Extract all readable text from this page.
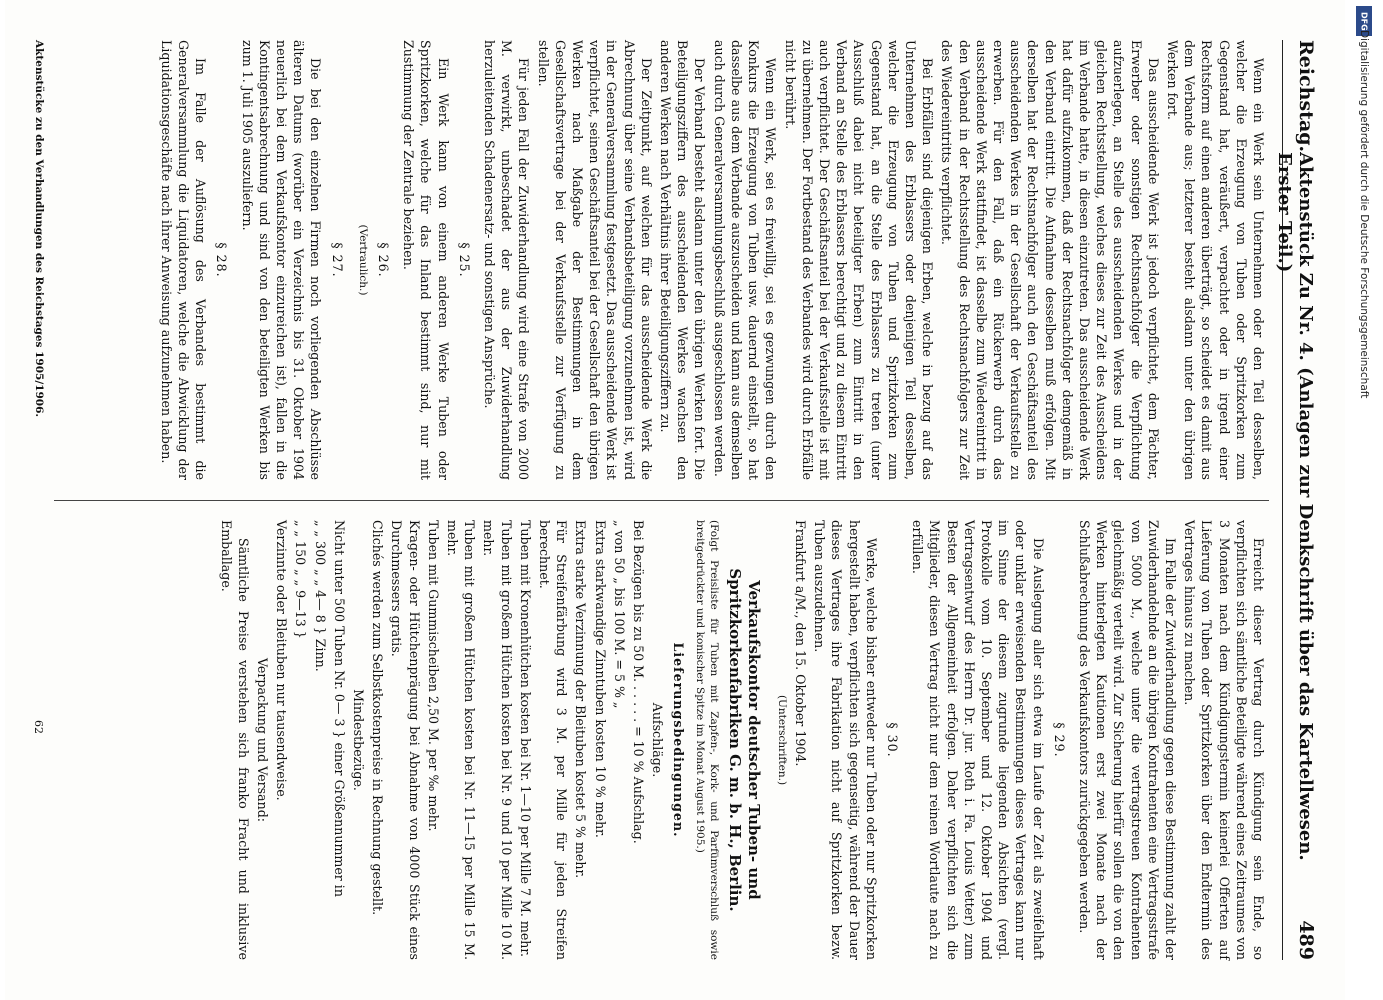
Reichstag.
Aktenstück Zu Nr. 4. (Anlagen zur Denkschrift über das Kartellwesen. Erster Teil.)
489

Wenn ein Werk sein Unternehmen oder den Teil desselben, welcher die Erzeugung von Tuben oder Spritzkorken zum Gegenstand hat, veräußert, verpachtet oder in irgend einer Rechtsform auf einen anderen überträgt, so scheidet es damit aus dem Verbande aus; letzterer besteht alsdann unter den übrigen Werken fort.

Das ausscheidende Werk ist jedoch verpflichtet, dem Pächter, Erwerber oder sonstigen Rechtsnachfolger die Verpflichtung aufzuerlegen, an Stelle des ausscheidenden Werkes und in der gleichen Rechtsstellung, welches dieses zur Zeit des Ausscheidens im Verbande hatte, in diesen einzutreten. Das ausscheidende Werk hat dafür aufzukommen, daß der Rechtsnachfolger demgemäß in den Verband eintritt. Die Aufnahme desselben muß erfolgen. Mit derselben hat der Rechtsnachfolger auch den Geschäftsanteil des ausscheidenden Werkes in der Gesellschaft der Verkaufsstelle zu erwerben. Für den Fall, daß ein Rückerwerb durch das ausscheidende Werk stattfindet, ist dasselbe zum Wiedereintritt in den Verband in der Rechtsstellung des Rechtsnachfolgers zur Zeit des Wiedereintritts verpflichtet.

Bei Erbfällen sind diejenigen Erben, welche in bezug auf das Unternehmen des Erblassers oder denjenigen Teil desselben, welcher die Erzeugung von Tuben und Spritzkorken zum Gegenstand hat, an die Stelle des Erblassers zu treten (unter Ausschluß dabei nicht beteiligter Erben) zum Eintritt in den Verband an Stelle des Erblassers berechtigt und zu diesem Eintritt auch verpflichtet. Der Geschäftsanteil bei der Verkaufsstelle ist mit zu übernehmen. Der Fortbestand des Verbandes wird durch Erbfälle nicht berührt.

Wenn ein Werk, sei es freiwillig, sei es gezwungen durch den Konkurs die Erzeugung von Tuben usw. dauernd einstellt, so hat dasselbe aus dem Verbande auszuscheiden und kann aus demselben auch durch Generalversammlungsbeschluß ausgeschlossen werden.

Der Verband besteht alsdann unter den übrigen Werken fort. Die Beteiligungsziffern des ausscheidenden Werkes wachsen den anderen Werken nach Verhältnis ihrer Beteiligungsziffern zu.

Der Zeitpunkt, auf welchen für das ausscheidende Werk die Abrechnung über seine Verbandsbeteiligung vorzunehmen ist, wird in der Generalversammlung festgesetzt. Das ausscheidende Werk ist verpflichtet, seinen Geschäftsanteil bei der Gesellschaft den übrigen Werken nach Maßgabe der Bestimmungen in dem Gesellschaftsvertrage bei der Verkaufsstelle zur Verfügung zu stellen.

Für jeden Fall der Zuwiderhandlung wird eine Strafe von 2000 M. verwirkt, unbeschadet der aus der Zuwiderhandlung herzuleitenden Schadenersatz- und sonstigen Ansprüche.

§ 25.

Ein Werk kann von einem anderen Werke Tuben oder Spritzkorken, welche für das Inland bestimmt sind, nur mit Zustimmung der Zentrale beziehen.

§ 26.

(Vertraulich.)

§ 27.

Die bei den einzelnen Firmen noch vorliegenden Abschlüsse älteren Datums (worüber ein Verzeichnis bis 31. Oktober 1904 neuerlich bei dem Verkaufskontor einzureichen ist), fallen in die Kontingentsabrechnung und sind von den beteiligten Werken bis zum 1. Juli 1905 auszuliefern.

§ 28.

Im Falle der Auflösung des Verbandes bestimmt die Generalversammlung die Liquidatoren, welche die Abwicklung der Liquidationsgeschäfte nach ihrer Anweisung aufzunehmen haben.

Erreicht dieser Vertrag durch Kündigung sein Ende, so verpflichten sich sämtliche Beteiligte während eines Zeitraumes von 3 Monaten nach dem Kündigungstermin keinerlei Offerten auf Lieferung von Tuben oder Spritzkorken über den Endtermin des Vertrages hinaus zu machen.

Im Falle der Zuwiderhandlung gegen diese Bestimmung zahlt der Zuwiderhandelnde an die übrigen Kontrahenten eine Vertragsstrafe von 5000 M., welche unter die vertragstreuen Kontrahenten gleichmäßig verteilt wird. Zur Sicherung hierfür sollen die von den Werken hinterlegten Kautionen erst zwei Monate nach der Schlußabrechnung des Verkaufskontors zurückgegeben werden.

§ 29.

Die Auslegung aller sich etwa im Laufe der Zeit als zweifelhaft oder unklar erweisenden Bestimmungen dieses Vertrages kann nur im Sinne der diesem zugrunde liegenden Absichten (vergl. Protokolle vom 10. September und 12. Oktober 1904 und Vertragsentwurf des Herrn Dr. jur. Roth i. Fa. Louis Vetter) zum Besten der Allgemeinheit erfolgen. Daher verpflichten sich die Mitglieder, diesen Vertrag nicht nur dem reinen Wortlaute nach zu erfüllen.

§ 30.

Werke, welche bisher entweder nur Tuben oder nur Spritzkorken hergestellt haben, verpflichten sich gegenseitig, während der Dauer dieses Vertrages ihre Fabrikation nicht auf Spritzkorken bezw. Tuben auszudehnen.

Frankfurt a/M., den 15. Oktober 1904.

(Unterschriften.)

Verkaufskontor deutscher Tuben- und Spritzkorkenfabriken G. m. b. H., Berlin.

(Folgt Preisliste für Tuben mit Zapfen-, Kork- und Parfümverschluß sowie breitgedrückter und konischer Spitze im Monat August 1905.)

Lieferungsbedingungen.

Aufschläge.

Bei Bezügen bis zu 50 M. . . . . . = 10 % Aufschlag.

„ von 50 „ bis 100 M. = 5 % „

Extra starkwandige Zinntuben kosten 10 % mehr.

Extra starke Verzinnung der Bleituben kostet 5 % mehr.

Für Streifenfärbung wird 3 M. per Mille für jeden Streifen berechnet.

Tuben mit Kronenhütchen kosten bei Nr. 1—10 per Mille 7 M. mehr.

Tuben mit großem Hütchen kosten bei Nr. 9 und 10 per Mille 10 M. mehr.

Tuben mit großem Hütchen kosten bei Nr. 11—15 per Mille 15 M. mehr.

Tuben mit Gummischeiben 2,50 M. per ‰ mehr.

Kragen- oder Hütchenprägung bei Abnahme von 4000 Stück eines Durchmessers gratis.

Clichés werden zum Selbstkostenpreise in Rechnung gestellt.

Mindestbezüge.

Nicht unter 500 Tuben Nr. 0— 3 } einer Größennummer in

„ „ 300 „ „ 4— 8 } Zinn.

„ „ 150 „ „ 9—13 }

Verzinnte oder Bleituben nur tausendweise.

Verpackung und Versand:

Sämtliche Preise verstehen sich franko Fracht und inklusive Emballage.

Aktenstücke zu den Verhandlungen des Reichstages 1905/1906.
62
DFG
Digitalisierung gefördert durch die Deutsche Forschungsgemeinschaft
